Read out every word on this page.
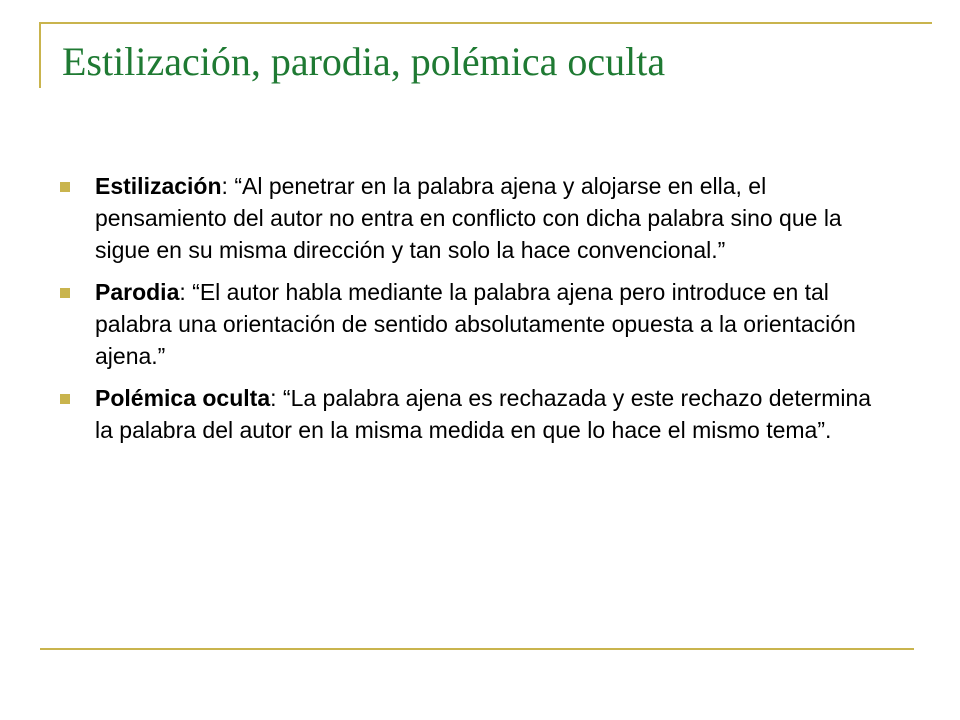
Estilización, parodia, polémica oculta
Estilización: “Al penetrar en la palabra ajena y alojarse en ella, el pensamiento del autor no entra en conflicto con dicha palabra sino que la sigue en su misma dirección y tan solo la hace convencional.”
Parodia: “El autor habla mediante la palabra ajena pero introduce en tal palabra una orientación de sentido absolutamente opuesta a la orientación ajena.”
Polémica oculta: “La palabra ajena es rechazada y este rechazo determina la palabra del autor en la misma medida en que lo hace el mismo tema”.
